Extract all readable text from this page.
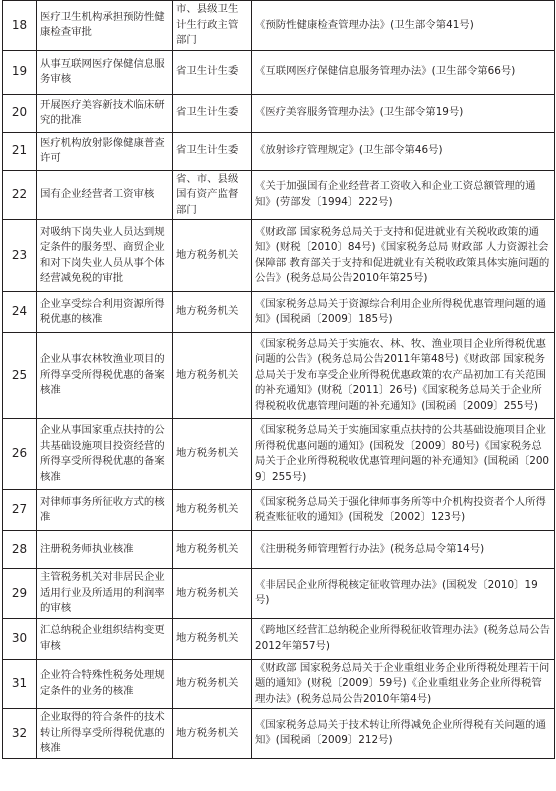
18	医疗卫生机构承担预防性健康检查审批	市、县级卫生计生行政主管部门	《预防性健康检查管理办法》(卫生部令第41号)
19	从事互联网医疗保健信息服务审核	省卫生计生委	《互联网医疗保健信息服务管理办法》(卫生部令第66号)
20	开展医疗美容新技术临床研究的批准	省卫生计生委	《医疗美容服务管理办法》(卫生部令第19号)
21	医疗机构放射影像健康普查许可	省卫生计生委	《放射诊疗管理规定》(卫生部令第46号)
22	国有企业经营者工资审核	省、市、县级国有资产监督部门	《关于加强国有企业经营者工资收入和企业工资总额管理的通知》(劳部发〔1994〕222号)
23	对吸纳下岗失业人员达到规定条件的服务型、商贸企业和对下岗失业人员从事个体经营减免税的审批	地方税务机关	《财政部 国家税务总局关于支持和促进就业有关税收政策的通知》(财税〔2010〕84号)《国家税务总局 财政部 人力资源社会保障部 教育部关于支持和促进就业有关税收政策具体实施问题的公告》(税务总局公告2010年第25号)
24	企业享受综合利用资源所得税优惠的核准	地方税务机关	《国家税务总局关于资源综合利用企业所得税优惠管理问题的通知》(国税函〔2009〕185号)
25	企业从事农林牧渔业项目的所得享受所得税优惠的备案核准	地方税务机关	《国家税务总局关于实施农、林、牧、渔业项目企业所得税优惠问题的公告》(税务总局公告2011年第48号)《财政部 国家税务总局关于发布享受企业所得税优惠政策的农产品初加工有关范围的补充通知》(财税〔2011〕26号)《国家税务总局关于企业所得税税收优惠管理问题的补充通知》(国税函〔2009〕255号)
26	企业从事国家重点扶持的公共基础设施项目投资经营的所得享受所得税优惠的备案核准	地方税务机关	《国家税务总局关于实施国家重点扶持的公共基础设施项目企业所得税优惠问题的通知》(国税发〔2009〕80号)《国家税务总局关于企业所得税税收优惠管理问题的补充通知》(国税函〔2009〕255号)
27	对律师事务所征收方式的核准	地方税务机关	《国家税务总局关于强化律师事务所等中介机构投资者个人所得税查账征收的通知》(国税发〔2002〕123号)
28	注册税务师执业核准	地方税务机关	《注册税务师管理暂行办法》(税务总局令第14号)
29	主管税务机关对非居民企业适用行业及所适用的利润率的审核	地方税务机关	《非居民企业所得税核定征收管理办法》(国税发〔2010〕19号)
30	汇总纳税企业组织结构变更审核	地方税务机关	《跨地区经营汇总纳税企业所得税征收管理办法》(税务总局公告2012年第57号)
31	企业符合特殊性税务处理规定条件的业务的核准	地方税务机关	《财政部 国家税务总局关于企业重组业务企业所得税处理若干问题的通知》(财税〔2009〕59号)《企业重组业务企业所得税管理办法》(税务总局公告2010年第4号)
32	企业取得的符合条件的技术转让所得享受所得税优惠的核准	地方税务机关	《国家税务总局关于技术转让所得减免企业所得税有关问题的通知》(国税函〔2009〕212号)
